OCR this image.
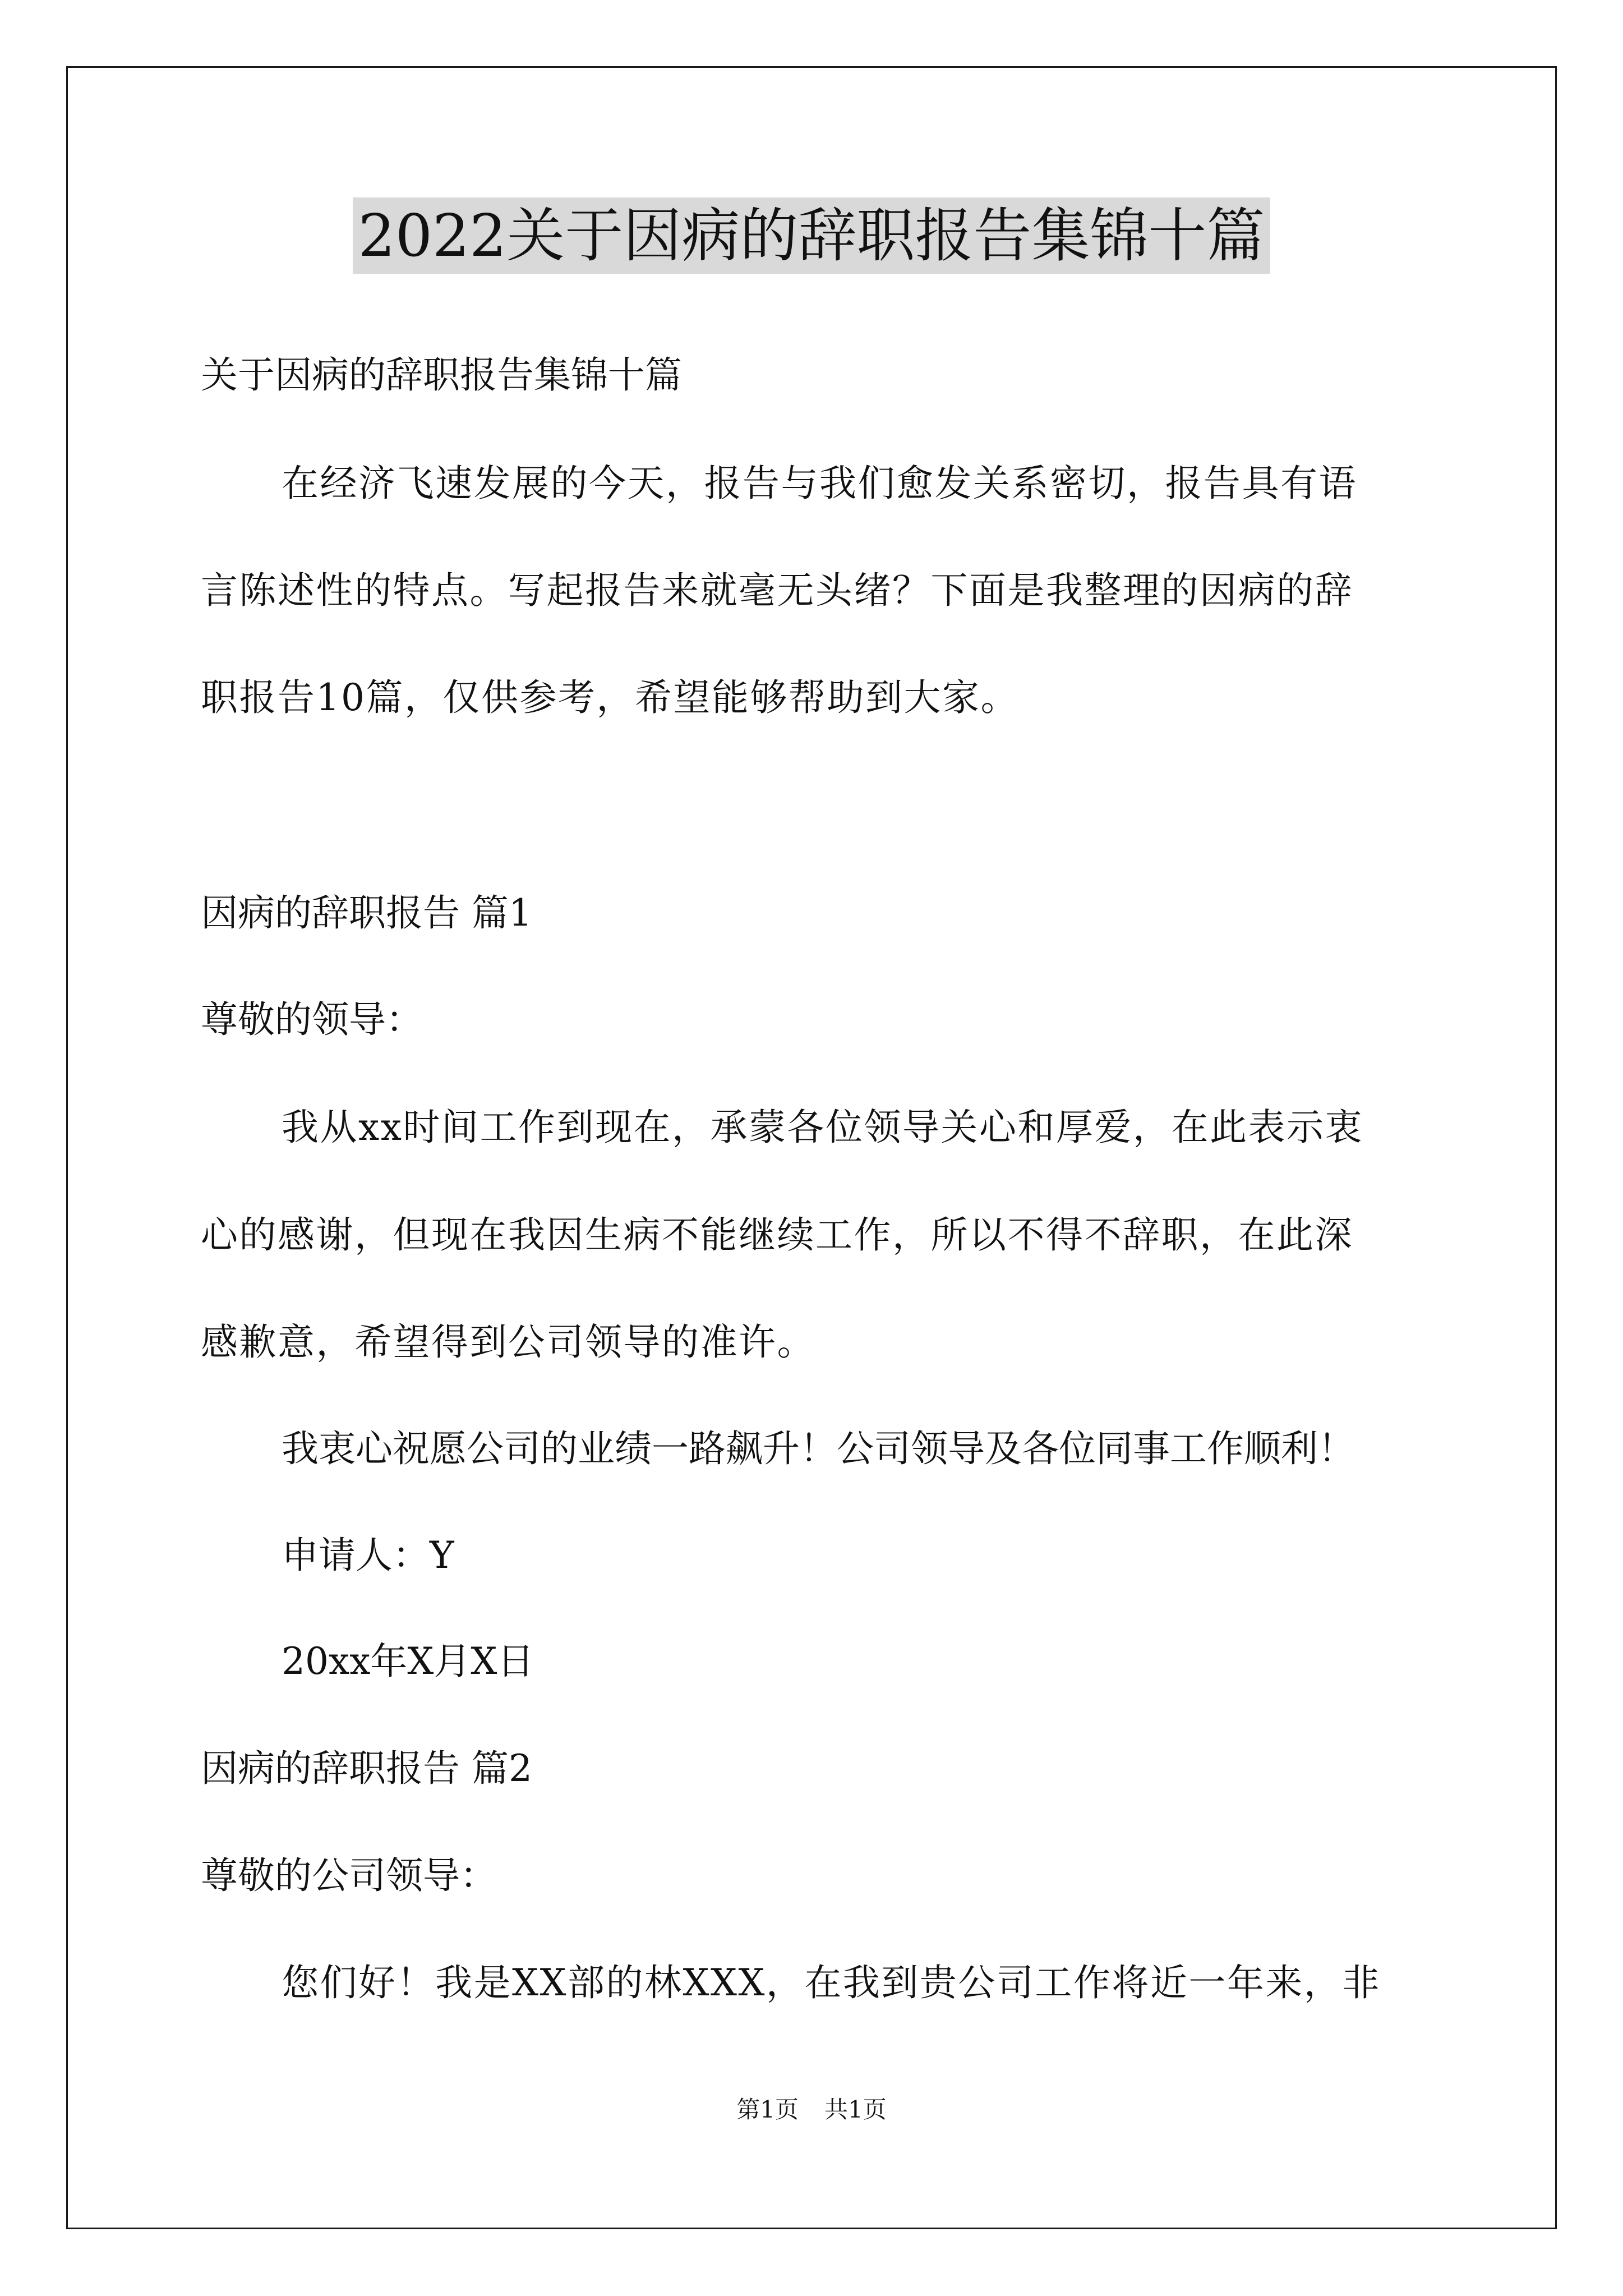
2022关于因病的辞职报告集锦十篇
关于因病的辞职报告集锦十篇
在经济飞速发展的今天，报告与我们愈发关系密切，报告具有语
言陈述性的特点。写起报告来就毫无头绪？下面是我整理的因病的辞
职报告10篇，仅供参考，希望能够帮助到大家。
因病的辞职报告 篇1
尊敬的领导：
我从xx时间工作到现在，承蒙各位领导关心和厚爱，在此表示衷
心的感谢，但现在我因生病不能继续工作，所以不得不辞职，在此深
感歉意，希望得到公司领导的准许。
我衷心祝愿公司的业绩一路飙升！公司领导及各位同事工作顺利！
申请人：Y
20xx年X月X日
因病的辞职报告 篇2
尊敬的公司领导：
您们好！我是XX部的林XXX，在我到贵公司工作将近一年来，非
第1页 共1页
